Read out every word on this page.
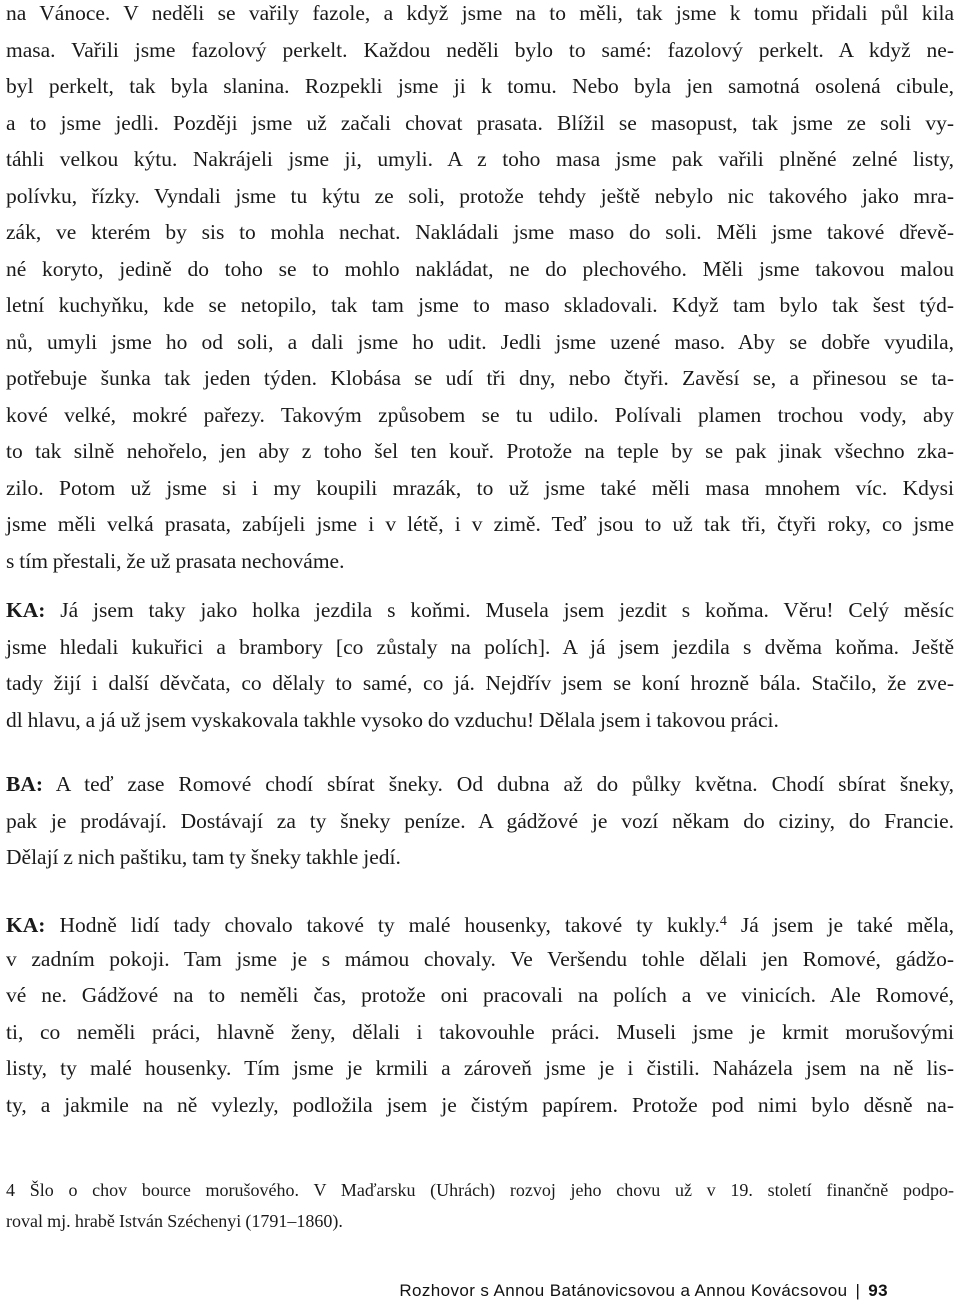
na Vánoce. V neděli se vařily fazole, a když jsme na to měli, tak jsme k tomu přidali půl kila
masa. Vařili jsme fazolový perkelt. Každou neděli bylo to samé: fazolový perkelt. A když ne-
byl perkelt, tak byla slanina. Rozpekli jsme ji k tomu. Nebo byla jen samotná osolená cibule,
a to jsme jedli. Později jsme už začali chovat prasata. Blížil se masopust, tak jsme ze soli vy-
táhli velkou kýtu. Nakrájeli jsme ji, umyli. A z toho masa jsme pak vařili plněné zelné listy,
polívku, řízky. Vyndali jsme tu kýtu ze soli, protože tehdy ještě nebylo nic takového jako mra-
zák, ve kterém by sis to mohla nechat. Nakládali jsme maso do soli. Měli jsme takové dřevě-
né koryto, jedině do toho se to mohlo nakládat, ne do plechového. Měli jsme takovou malou
letní kuchyňku, kde se netopilo, tak tam jsme to maso skladovali. Když tam bylo tak šest týd-
nů, umyli jsme ho od soli, a dali jsme ho udit. Jedli jsme uzené maso. Aby se dobře vyudila,
potřebuje šunka tak jeden týden. Klobása se udí tři dny, nebo čtyři. Zavěsí se, a přinesou se ta-
kové velké, mokré pařezy. Takovým způsobem se tu udilo. Polívali plamen trochou vody, aby
to tak silně nehořelo, jen aby z toho šel ten kouř. Protože na teple by se pak jinak všechno zka-
zilo. Potom už jsme si i my koupili mrazák, to už jsme také měli masa mnohem víc. Kdysi
jsme měli velká prasata, zabíjeli jsme i v létě, i v zimě. Teď jsou to už tak tři, čtyři roky, co jsme
s tím přestali, že už prasata nechováme.

KA: Já jsem taky jako holka jezdila s koňmi. Musela jsem jezdit s koňma. Věru! Celý měsíc
jsme hledali kukuřici a brambory [co zůstaly na polích]. A já jsem jezdila s dvěma koňma. Ještě
tady žijí i další děvčata, co dělaly to samé, co já. Nejdřív jsem se koní hrozně bála. Stačilo, že zve-
dl hlavu, a já už jsem vyskakovala takhle vysoko do vzduchu! Dělala jsem i takovou práci.

BA: A teď zase Romové chodí sbírat šneky. Od dubna až do půlky května. Chodí sbírat šneky,
pak je prodávají. Dostávají za ty šneky peníze. A gádžové je vozí někam do ciziny, do Francie.
Dělají z nich paštiku, tam ty šneky takhle jedí.

KA: Hodně lidí tady chovalo takové ty malé housenky, takové ty kukly.$^4$ Já jsem je také měla,
v zadním pokoji. Tam jsme je s mámou chovaly. Ve Veršendu tohle dělali jen Romové, gádžo-
vé ne. Gádžové na to neměli čas, protože oni pracovali na polích a ve vinicích. Ale Romové,
ti, co neměli práci, hlavně ženy, dělali i takovouhle práci. Museli jsme je krmit morušovými
listy, ty malé housenky. Tím jsme je krmili a zároveň jsme je i čistili. Naházela jsem na ně lis-
ty, a jakmile na ně vylezly, podložila jsem je čistým papírem. Protože pod nimi bylo děsně na-

4 Šlo o chov bource morušového. V Maďarsku (Uhrách) rozvoj jeho chovu už v 19. století finančně podpo-
roval mj. hrabě István Széchenyi (1791–1860).
Rozhovor s Annou Batánovicsovou a Annou Kovácsovou | 93
